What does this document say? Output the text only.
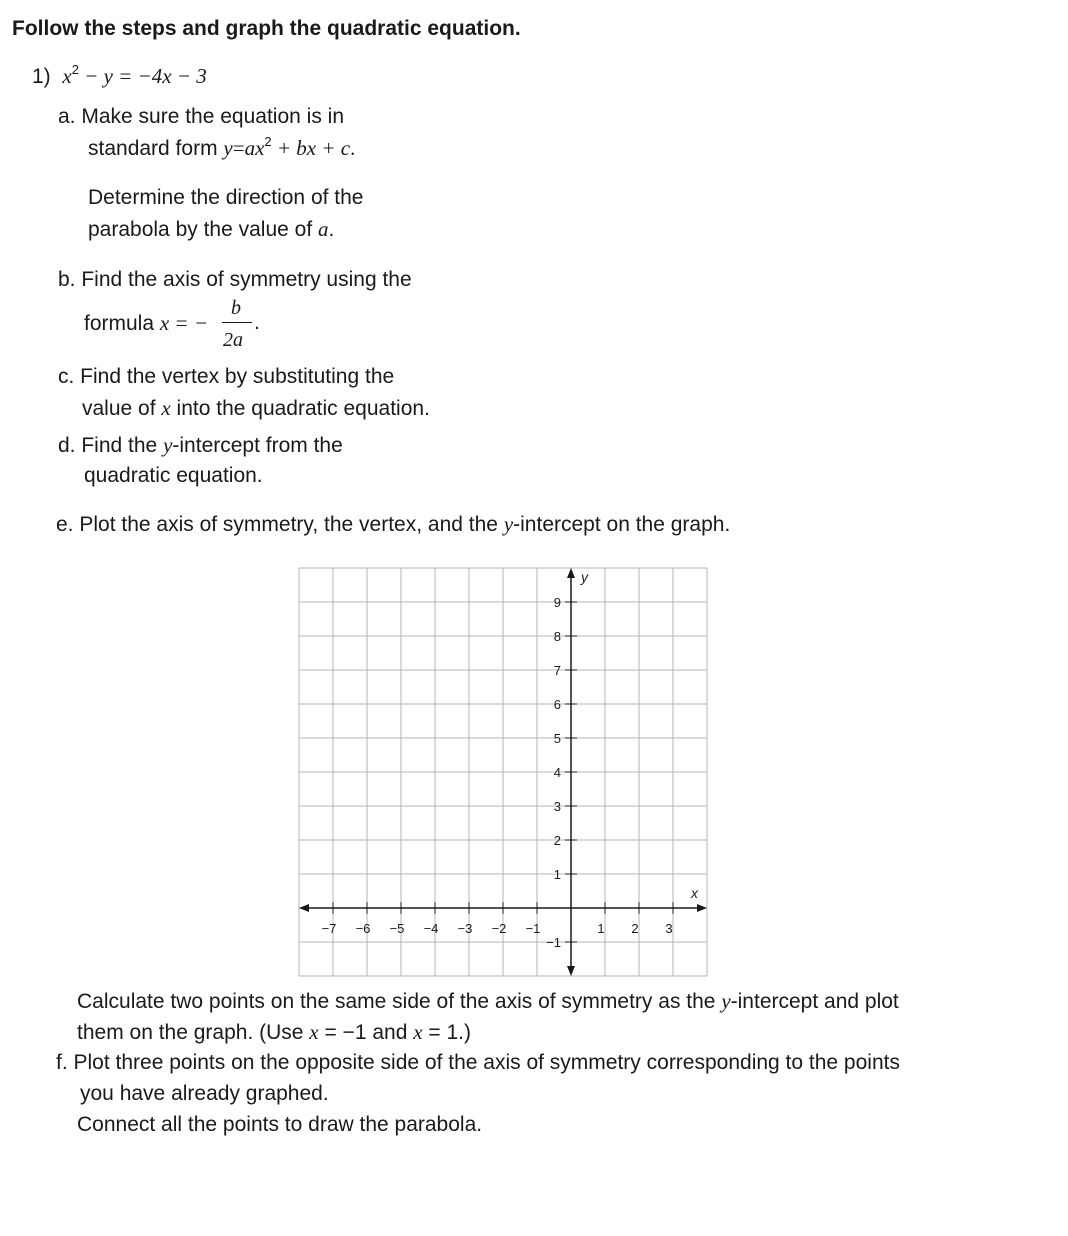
Follow the steps and graph the quadratic equation.
1) $x^2 - y = -4x - 3$
a. Make sure the equation is in
standard form $y=ax^2$ + bx + c.
Determine the direction of the
parabola by the value of a.
b. Find the axis of symmetry using the
formula x = −
b
2a
.
c. Find the vertex by substituting the
value of x into the quadratic equation.
d. Find the y-intercept from the
quadratic equation.
e. Plot the axis of symmetry, the vertex, and the y-intercept on the graph.
−7 −6 −5 −4 −3 −2 −1	1 2 3
9
8
7
6
5
4
3
2
1
−1
x
y
Calculate two points on the same side of the axis of symmetry as the y-intercept and plot
them on the graph. (Use x = −1 and x = 1.)
f. Plot three points on the opposite side of the axis of symmetry corresponding to the points
you have already graphed.
Connect all the points to draw the parabola.
